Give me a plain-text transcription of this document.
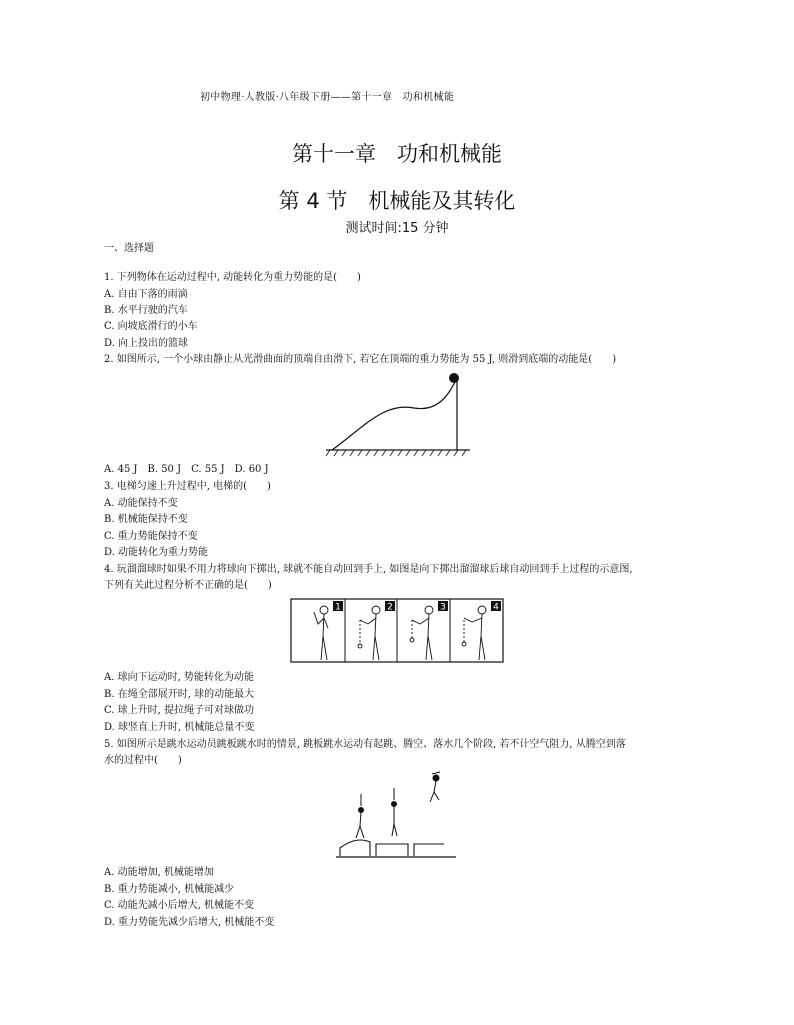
初中物理·人教版·八年级下册——第十一章　功和机械能
第十一章　功和机械能
第 4 节　机械能及其转化
测试时间:15 分钟
一、选择题
1. 下列物体在运动过程中, 动能转化为重力势能的是(　　)
A. 自由下落的雨滴
B. 水平行驶的汽车
C. 向坡底滑行的小车
D. 向上投出的篮球
2. 如图所示, 一个小球由静止从光滑曲面的顶端自由滑下, 若它在顶端的重力势能为 55 J, 则滑到底端的动能是(　　)
A. 45 J　B. 50 J　C. 55 J　D. 60 J
3. 电梯匀速上升过程中, 电梯的(　　)
A. 动能保持不变
B. 机械能保持不变
C. 重力势能保持不变
D. 动能转化为重力势能
4. 玩溜溜球时如果不用力将球向下掷出, 球就不能自动回到手上, 如图是向下掷出溜溜球后球自动回到手上过程的示意图,
下列有关此过程分析不正确的是(　　)
1	2	3	4
A. 球向下运动时, 势能转化为动能
B. 在绳全部展开时, 球的动能最大
C. 球上升时, 提拉绳子可对球做功
D. 球竖直上升时, 机械能总量不变
5. 如图所示是跳水运动员跳板跳水时的情景, 跳板跳水运动有起跳、腾空、落水几个阶段, 若不计空气阻力, 从腾空到落
水的过程中(　　)
A. 动能增加, 机械能增加
B. 重力势能减小, 机械能减少
C. 动能先减小后增大, 机械能不变
D. 重力势能先减少后增大, 机械能不变
